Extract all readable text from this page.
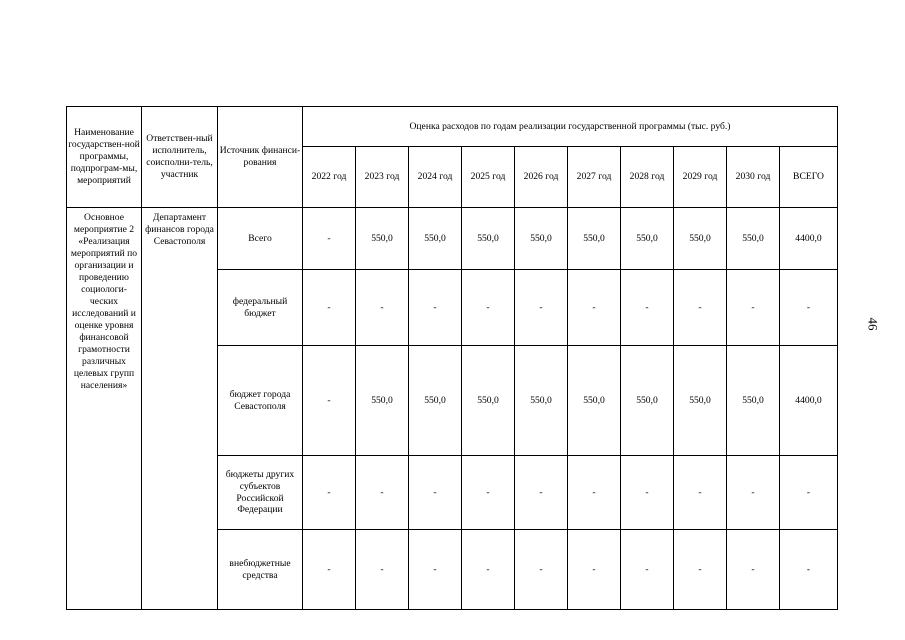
Наименование государствен-ной программы, подпрограм-мы, мероприятий	Ответствен-ный исполнитель, соисполни-тель, участник	Источник финанси-рования	Оценка расходов по годам реализации государственной программы (тыс. руб.)									
			2022 год	2023 год	2024 год	2025 год	2026 год	2027 год	2028 год	2029 год	2030 год	ВСЕГО
Основное мероприятие 2 «Реализация мероприятий по организации и проведению социологи-ческих исследований и оценке уровня финансовой грамотности различных целевых групп населения»	Департамент финансов города Севастополя	Всего	-	550,0	550,0	550,0	550,0	550,0	550,0	550,0	550,0	4400,0
		федеральный бюджет	-	-	-	-	-	-	-	-	-	-
		бюджет города Севастополя	-	550,0	550,0	550,0	550,0	550,0	550,0	550,0	550,0	4400,0
		бюджеты других субъектов Российской Федерации	-	-	-	-	-	-	-	-	-	-
		внебюджетные средства	-	-	-	-	-	-	-	-	-	-
46
